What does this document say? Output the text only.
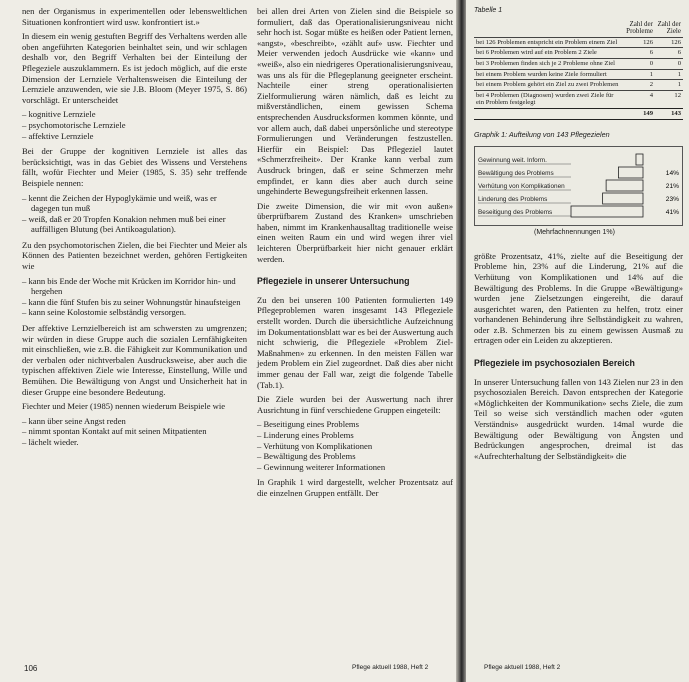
nen der Organismus in experimentellen oder lebensweltlichen Situationen konfrontiert wird usw. konfrontiert ist.»

In diesem ein wenig gestuften Begriff des Verhaltens werden alle oben angeführten Kategorien beinhaltet sein, und wir schlagen deshalb vor, den Begriff Verhalten bei der Einteilung der Pflegeziele auszuklammern. Es ist jedoch möglich, auf die erste Dimension der Lernziele Verhaltensweisen die Einteilung der Lernziele anzuwenden, wie sie J.B. Bloom (Meyer 1975, S. 86) vorschlägt. Er unterscheidet

– kognitive Lernziele
– psychomotorische Lernziele
– affektive Lernziele

Bei der Gruppe der kognitiven Lernziele ist alles das berücksichtigt, was in das Gebiet des Wissens und Verstehens fällt, wofür Fiechter und Meier (1985, S. 35) sehr treffende Beispiele nennen:

– kennt die Zeichen der Hypoglykämie und weiß, was er dagegen tun muß
– weiß, daß er 20 Tropfen Konakion nehmen muß bei einer auffälligen Blutung (bei Antikoagulation).

Zu den psychomotorischen Zielen, die bei Fiechter und Meier als Können des Patienten bezeichnet werden, gehören Fertigkeiten wie

– kann bis Ende der Woche mit Krücken im Korridor hin- und hergehen
– kann die fünf Stufen bis zu seiner Wohnungstür hinaufsteigen
– kann seine Kolostomie selbständig versorgen.

Der affektive Lernzielbereich ist am schwersten zu umgrenzen; wir würden in diese Gruppe auch die sozialen Lernfähigkeiten mit einschließen, wie z.B. die Fähigkeit zur Kommunikation und der verbalen oder nichtverbalen Ausdrucksweise, aber auch die typischen affektiven Ziele wie Interesse, Einstellung, Wille und Bemühen. Die Bewältigung von Angst und Unsicherheit hat in dieser Gruppe eine besondere Bedeutung.

Fiechter und Meier (1985) nennen wiederum Beispiele wie

– kann über seine Angst reden
– nimmt spontan Kontakt auf mit seinen Mitpatienten
– lächelt wieder.

bei allen drei Arten von Zielen sind die Beispiele so formuliert, daß das Operationalisierungsniveau nicht sehr hoch ist. Sogar müßte es heißen oder Patient lernen, «angst», «beschreibt», «zählt auf» usw. Fiechter und Meier verwenden jedoch Ausdrücke wie «kann» und «weiß», also ein niedrigeres Operationalisierungsniveau, was uns als für die Pflegeplanung geeigneter erscheint. Nachteile einer streng operationalisierten Zielformulierung wären nämlich, daß es leicht zu mißverständlichen, einem gewissen Schema entsprechenden Ausdrucksformen kommen könnte, und vor allem auch, daß dabei unpersönliche und stereotype Formulierungen und Veränderungen festzustellen. Hierfür ein Beispiel: Das Pflegeziel lautet «Schmerzfreiheit». Der Kranke kann verbal zum Ausdruck bringen, daß er seine Schmerzen mehr empfindet, er kann dies aber auch durch seine ungehinderte Bewegungsfreiheit erkennen lassen.

Die zweite Dimension, die wir mit «von außen» überprüfbarem Zustand des Kranken» umschrieben haben, nimmt im Krankenhausalltag traditionelle weise einen weiten Raum ein und wird wegen ihrer viel leichteren Überprüfbarkeit hier nicht genauer erklärt werden.

Pflegeziele in unserer Untersuchung

Zu den bei unseren 100 Patienten formulierten 149 Pflegeproblemen waren insgesamt 143 Pflegeziele erstellt worden. Durch die übersichtliche Aufzeichnung im Dokumentationsblatt war es bei der Auswertung auch nicht schwierig, die Pflegeziele «Problem Ziel-Maßnahmen» zu erkennen. In den meisten Fällen war jedem Problem ein Ziel zugeordnet. Daß dies aber nicht immer genau der Fall war, zeigt die folgende Tabelle (Tab.1).

Die Ziele wurden bei der Auswertung nach ihrer Ausrichtung in fünf verschiedene Gruppen eingeteilt:

– Beseitigung eines Problems
– Linderung eines Problems
– Verhütung von Komplikationen
– Bewältigung des Problems
– Gewinnung weiterer Informationen

In Graphik 1 wird dargestellt, welcher Prozentsatz auf die einzelnen Gruppen entfällt. Der

106	Pflege aktuell 1988, Heft 2
Tabelle 1
	Zahl der Probleme	Zahl der Ziele
bei 126 Problemen entspricht ein Problem einem Ziel	126	126
bei 6 Problemen wird auf ein Problem 2 Ziele	6	6
bei 3 Problemen finden sich je 2 Probleme ohne Ziel	0	0
bei einem Problem wurden keine Ziele formuliert	1	1
bei einem Problem gehört ein Ziel zu zwei Problemen	2	1
bei 4 Problemen (Diagnosen) wurden zwei Ziele für ein Problem festgelegt	4	12
	149	143
Graphik 1: Aufteilung von 143 Pflegezielen
Gewinnung weit. Inform.
Bewältigung des Problems	14%
Verhütung von Komplikationen	21%
Linderung des Problems	23%
Beseitigung des Problems	41%
(Mehrfachnennungen 1%)

größte Prozentsatz, 41%, zielte auf die Beseitigung der Probleme hin, 23% auf die Linderung, 21% auf die Verhütung von Komplikationen und 14% auf die Bewältigung des Problems. In die Gruppe «Bewältigung» wurden jene Zielsetzungen eingereiht, die darauf ausgerichtet waren, den Patienten zu helfen, trotz einer vorhandenen Behinderung ihre Selbständigkeit zu wahren, oder z.B. Schmerzen bis zu einem gewissen Ausmaß zu ertragen oder ein Leiden zu akzeptieren.

Pflegeziele im psychosozialen Bereich

In unserer Untersuchung fallen von 143 Zielen nur 23 in den psychosozialen Bereich. Davon entsprechen der Kategorie «Möglichkeiten der Kommunikation» sechs Ziele, die zum Teil so weise sich verständlich machen oder «guten Verständnis» ausgedrückt wurden. 14mal wurde die Bewältigung oder Bewältigung von Ängsten und Bedrückungen angesprochen, dreimal ist das «Aufrechterhaltung der Selbständigkeit» die

Pflege aktuell 1988, Heft 2
